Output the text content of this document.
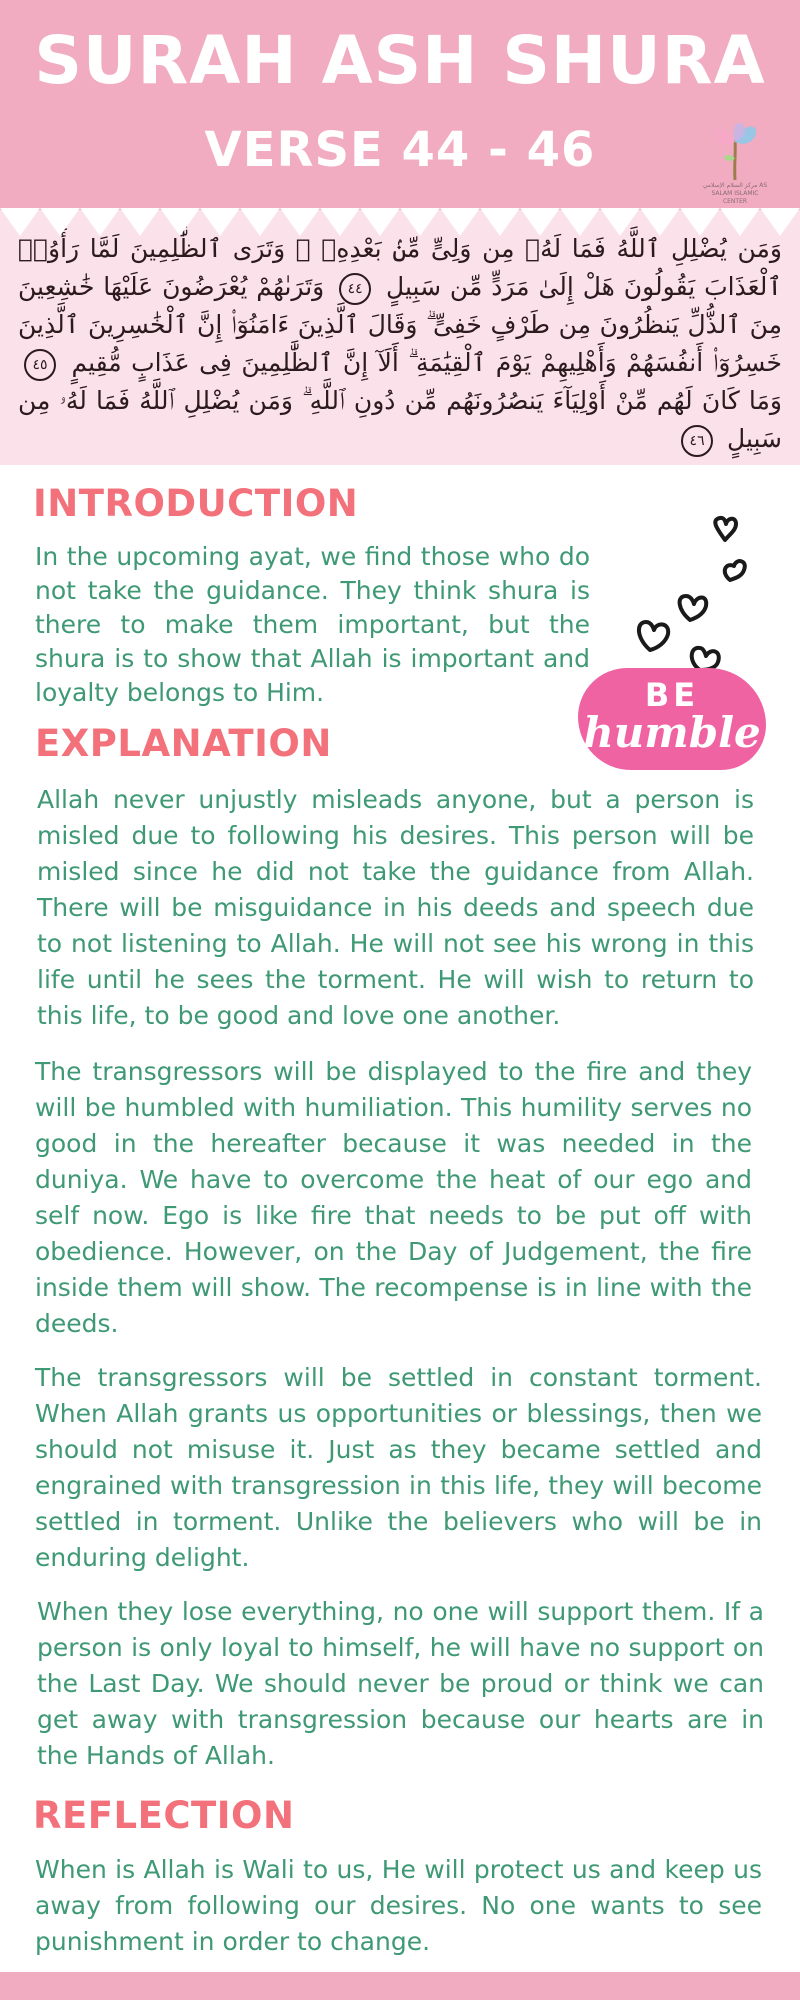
SURAH ASH SHURA
VERSE 44 - 46
مركز السلام الإسلامي AS SALAM ISLAMIC CENTER
وَمَن يُضْلِلِ ٱللَّهُ فَمَا لَهُۥ مِن وَلِىٍّ مِّنۢ بَعْدِهِۦ ۗ وَتَرَى ٱلظَّٰلِمِينَ لَمَّا رَأَوُا۟ ٱلْعَذَابَ يَقُولُونَ هَلْ إِلَىٰ مَرَدٍّ مِّن سَبِيلٍ ٤٤ وَتَرَىٰهُمْ يُعْرَضُونَ عَلَيْهَا خَٰشِعِينَ مِنَ ٱلذُّلِّ يَنظُرُونَ مِن طَرْفٍ خَفِىٍّ ۗ وَقَالَ ٱلَّذِينَ ءَامَنُوٓا۟ إِنَّ ٱلْخَٰسِرِينَ ٱلَّذِينَ خَسِرُوٓا۟ أَنفُسَهُمْ وَأَهْلِيهِمْ يَوْمَ ٱلْقِيَٰمَةِ ۗ أَلَآ إِنَّ ٱلظَّٰلِمِينَ فِى عَذَابٍ مُّقِيمٍ ٤٥ وَمَا كَانَ لَهُم مِّنْ أَوْلِيَآءَ يَنصُرُونَهُم مِّن دُونِ ٱللَّهِ ۗ وَمَن يُضْلِلِ ٱللَّهُ فَمَا لَهُۥ مِن سَبِيلٍ ٤٦
INTRODUCTION
In the upcoming ayat, we find those who do not take the guidance. They think shura is there to make them important, but the shura is to show that Allah is important and loyalty belongs to Him.	BE
humble
EXPLANATION
Allah never unjustly misleads anyone, but a person is misled due to following his desires. This person will be misled since he did not take the guidance from Allah. There will be misguidance in his deeds and speech due to not listening to Allah. He will not see his wrong in this life until he sees the torment. He will wish to return to this life, to be good and love one another.
The transgressors will be displayed to the fire and they will be humbled with humiliation. This humility serves no good in the hereafter because it was needed in the duniya. We have to overcome the heat of our ego and self now. Ego is like fire that needs to be put off with obedience. However, on the Day of Judgement, the fire inside them will show. The recompense is in line with the deeds.
The transgressors will be settled in constant torment. When Allah grants us opportunities or blessings, then we should not misuse it. Just as they became settled and engrained with transgression in this life, they will become settled in torment. Unlike the believers who will be in enduring delight.
When they lose everything, no one will support them. If a person is only loyal to himself, he will have no support on the Last Day. We should never be proud or think we can get away with transgression because our hearts are in the Hands of Allah.
REFLECTION
When is Allah is Wali to us, He will protect us and keep us away from following our desires. No one wants to see punishment in order to change.
